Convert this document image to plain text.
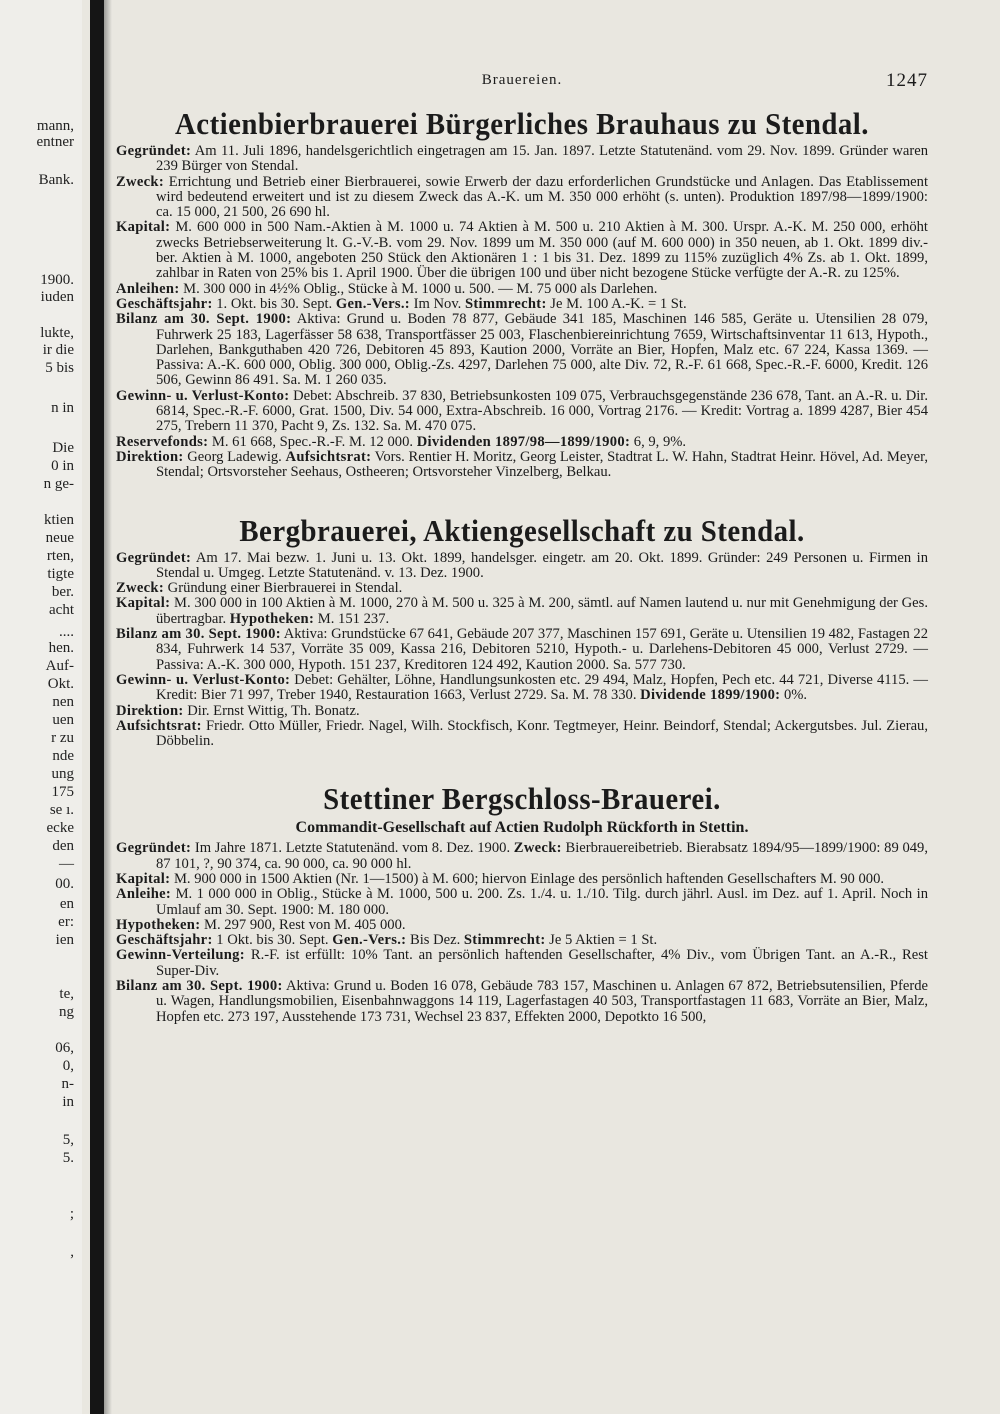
mann,
entner
Bank.
1900.
iuden
lukte,
ir die
5 bis
n in
Die
0 in
n ge-
ktien
neue
rten,
tigte
ber.
acht
....
hen.
Auf-
Okt.
nen
uen
r zu
nde
ung
175
se ı.
ecke
den
—
00.
en
er:
ien
te,
ng
06,
0,
n-
in
5,
5.
;
,
Brauereien.	1247
Actienbierbrauerei Bürgerliches Brauhaus zu Stendal.

Gegründet: Am 11. Juli 1896, handelsgerichtlich eingetragen am 15. Jan. 1897. Letzte Statutenänd. vom 29. Nov. 1899. Gründer waren 239 Bürger von Stendal.

Zweck: Errichtung und Betrieb einer Bierbrauerei, sowie Erwerb der dazu erforderlichen Grundstücke und Anlagen. Das Etablissement wird bedeutend erweitert und ist zu diesem Zweck das A.-K. um M. 350 000 erhöht (s. unten). Produktion 1897/98—1899/1900: ca. 15 000, 21 500, 26 690 hl.

Kapital: M. 600 000 in 500 Nam.-Aktien à M. 1000 u. 74 Aktien à M. 500 u. 210 Aktien à M. 300. Urspr. A.-K. M. 250 000, erhöht zwecks Betriebserweiterung lt. G.-V.-B. vom 29. Nov. 1899 um M. 350 000 (auf M. 600 000) in 350 neuen, ab 1. Okt. 1899 div.-ber. Aktien à M. 1000, angeboten 250 Stück den Aktionären 1 : 1 bis 31. Dez. 1899 zu 115% zuzüglich 4% Zs. ab 1. Okt. 1899, zahlbar in Raten von 25% bis 1. April 1900. Über die übrigen 100 und über nicht bezogene Stücke verfügte der A.-R. zu 125%.

Anleihen: M. 300 000 in 4½% Oblig., Stücke à M. 1000 u. 500. — M. 75 000 als Darlehen.

Geschäftsjahr: 1. Okt. bis 30. Sept. Gen.-Vers.: Im Nov. Stimmrecht: Je M. 100 A.-K. = 1 St.

Bilanz am 30. Sept. 1900: Aktiva: Grund u. Boden 78 877, Gebäude 341 185, Maschinen 146 585, Geräte u. Utensilien 28 079, Fuhrwerk 25 183, Lagerfässer 58 638, Transportfässer 25 003, Flaschenbiereinrichtung 7659, Wirtschaftsinventar 11 613, Hypoth., Darlehen, Bankguthaben 420 726, Debitoren 45 893, Kaution 2000, Vorräte an Bier, Hopfen, Malz etc. 67 224, Kassa 1369. — Passiva: A.-K. 600 000, Oblig. 300 000, Oblig.-Zs. 4297, Darlehen 75 000, alte Div. 72, R.-F. 61 668, Spec.-R.-F. 6000, Kredit. 126 506, Gewinn 86 491. Sa. M. 1 260 035.

Gewinn- u. Verlust-Konto: Debet: Abschreib. 37 830, Betriebsunkosten 109 075, Verbrauchsgegenstände 236 678, Tant. an A.-R. u. Dir. 6814, Spec.-R.-F. 6000, Grat. 1500, Div. 54 000, Extra-Abschreib. 16 000, Vortrag 2176. — Kredit: Vortrag a. 1899 4287, Bier 454 275, Trebern 11 370, Pacht 9, Zs. 132. Sa. M. 470 075.

Reservefonds: M. 61 668, Spec.-R.-F. M. 12 000. Dividenden 1897/98—1899/1900: 6, 9, 9%.

Direktion: Georg Ladewig. Aufsichtsrat: Vors. Rentier H. Moritz, Georg Leister, Stadtrat L. W. Hahn, Stadtrat Heinr. Hövel, Ad. Meyer, Stendal; Ortsvorsteher Seehaus, Ostheeren; Ortsvorsteher Vinzelberg, Belkau.

Bergbrauerei, Aktiengesellschaft zu Stendal.

Gegründet: Am 17. Mai bezw. 1. Juni u. 13. Okt. 1899, handelsger. eingetr. am 20. Okt. 1899. Gründer: 249 Personen u. Firmen in Stendal u. Umgeg. Letzte Statutenänd. v. 13. Dez. 1900.

Zweck: Gründung einer Bierbrauerei in Stendal.

Kapital: M. 300 000 in 100 Aktien à M. 1000, 270 à M. 500 u. 325 à M. 200, sämtl. auf Namen lautend u. nur mit Genehmigung der Ges. übertragbar. Hypotheken: M. 151 237.

Bilanz am 30. Sept. 1900: Aktiva: Grundstücke 67 641, Gebäude 207 377, Maschinen 157 691, Geräte u. Utensilien 19 482, Fastagen 22 834, Fuhrwerk 14 537, Vorräte 35 009, Kassa 216, Debitoren 5210, Hypoth.- u. Darlehens-Debitoren 45 000, Verlust 2729. — Passiva: A.-K. 300 000, Hypoth. 151 237, Kreditoren 124 492, Kaution 2000. Sa. 577 730.

Gewinn- u. Verlust-Konto: Debet: Gehälter, Löhne, Handlungsunkosten etc. 29 494, Malz, Hopfen, Pech etc. 44 721, Diverse 4115. — Kredit: Bier 71 997, Treber 1940, Restauration 1663, Verlust 2729. Sa. M. 78 330. Dividende 1899/1900: 0%.

Direktion: Dir. Ernst Wittig, Th. Bonatz.

Aufsichtsrat: Friedr. Otto Müller, Friedr. Nagel, Wilh. Stockfisch, Konr. Tegtmeyer, Heinr. Beindorf, Stendal; Ackergutsbes. Jul. Zierau, Döbbelin.

Stettiner Bergschloss-Brauerei.
Commandit-Gesellschaft auf Actien Rudolph Rückforth in Stettin.

Gegründet: Im Jahre 1871. Letzte Statutenänd. vom 8. Dez. 1900. Zweck: Bierbrauereibetrieb. Bierabsatz 1894/95—1899/1900: 89 049, 87 101, ?, 90 374, ca. 90 000, ca. 90 000 hl.

Kapital: M. 900 000 in 1500 Aktien (Nr. 1—1500) à M. 600; hiervon Einlage des persönlich haftenden Gesellschafters M. 90 000.

Anleihe: M. 1 000 000 in Oblig., Stücke à M. 1000, 500 u. 200. Zs. 1./4. u. 1./10. Tilg. durch jährl. Ausl. im Dez. auf 1. April. Noch in Umlauf am 30. Sept. 1900: M. 180 000.

Hypotheken: M. 297 900, Rest von M. 405 000.

Geschäftsjahr: 1 Okt. bis 30. Sept. Gen.-Vers.: Bis Dez. Stimmrecht: Je 5 Aktien = 1 St.

Gewinn-Verteilung: R.-F. ist erfüllt: 10% Tant. an persönlich haftenden Gesellschafter, 4% Div., vom Übrigen Tant. an A.-R., Rest Super-Div.

Bilanz am 30. Sept. 1900: Aktiva: Grund u. Boden 16 078, Gebäude 783 157, Maschinen u. Anlagen 67 872, Betriebsutensilien, Pferde u. Wagen, Handlungsmobilien, Eisenbahnwaggons 14 119, Lagerfastagen 40 503, Transportfastagen 11 683, Vorräte an Bier, Malz, Hopfen etc. 273 197, Ausstehende 173 731, Wechsel 23 837, Effekten 2000, Depotkto 16 500,
